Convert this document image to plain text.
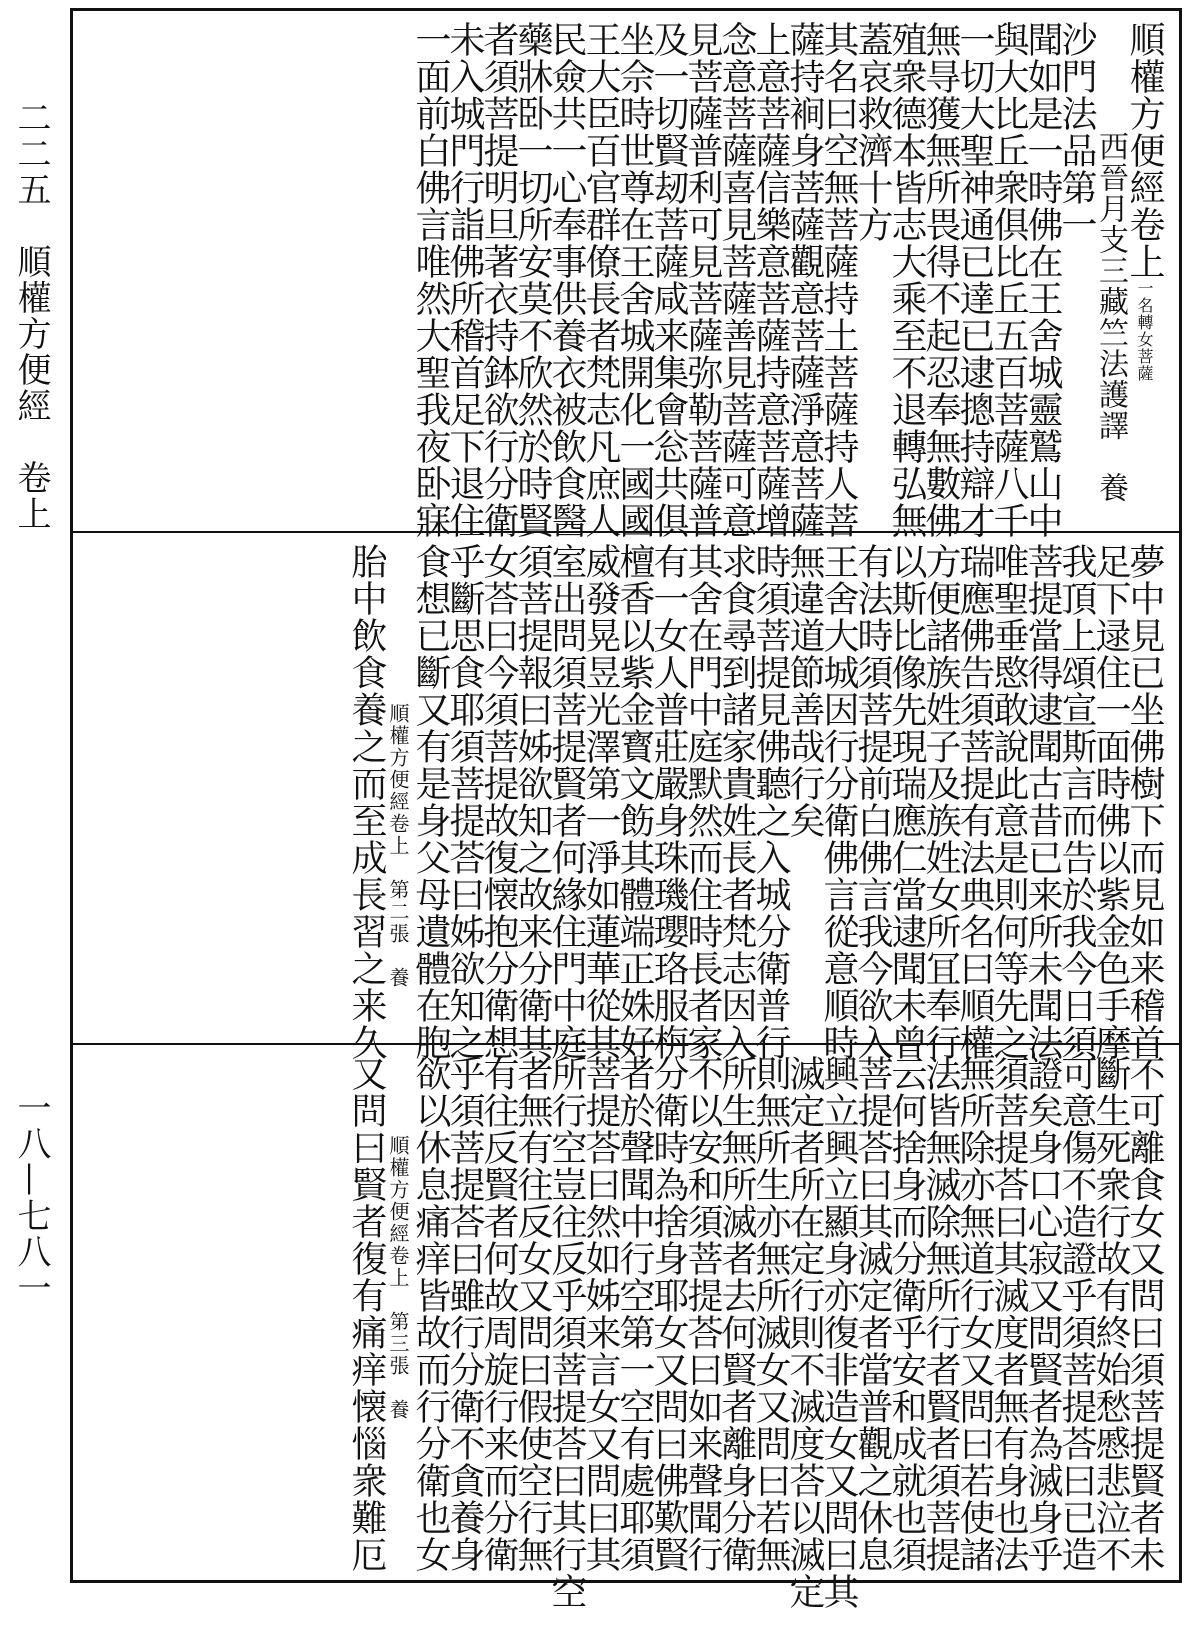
二二五　順權方便經　卷上
一八—七八一
順權方便經卷上一名轉女菩薩
西晉月支三藏竺法護譯　養
沙門法品第一
聞如是一時佛在王舍城靈鷲山中
與大比丘衆俱比丘五百菩薩八千
一切大聖神通已達已逮摠持辯才
無㝵獲無所畏得不起忍奉無數佛
殖衆德本皆志大乘至不退轉弘無
蓋哀救濟十方
其名曰空無菩薩持土菩薩持人菩
薩持裥身菩薩觀意菩薩淨意菩薩
上意菩薩信樂意菩薩持意菩薩增
念意菩薩喜見菩薩善見菩薩可意
見菩薩普利可見菩薩弥勒菩薩普
及一切賢刼菩薩咸来集會忩共俱
坐佘時世尊在王舍城開化一國國
王大臣百官群僚長者梵志凡庶人
民僉共一心奉事供養衣被飲食醫
藥牀卧一切所安莫不欣然於時賢
者須菩提明旦著衣持鉢欲行分衛
未入城門行詣佛所稽首足下退住
一面前白佛言唯然大聖我夜卧寐
夢中見已坐佛樹下而見如来稽首
足下逯住一面時佛以紫金色手摩
我頂上頌宣斯言而告於我今日須
菩提當得逮聞古昔已来所未聞法
唯聖垂愍敢說此意是則何等先之
瑞應佛告須菩提有法典名曰順權
方便諸族姓子及族姓女所冝奉行
以斯比像先現瑞應仁當逮聞未曾
有法時須菩提前白佛言我今欲入
王舍大城因行分衛佛言從意順時
無違道節善哉行矣
時須菩提見佛聽之入城分衛普行
求食尋到諸家貴姓長者梵志因入
其舍在門中庭默然而住時長者家
有一女人普莊嚴身珠璣瓔珞服栴
檀香以紫金寳文飭其體端正姝好
威發晃昱光澤第一淨如蓮華從其
室出問須菩提賢者何緣住門中庭
須菩提報曰姊欲知之故来分衛其
女荅曰今須菩提故復懐抱分衛想
乎斷思食耶須菩提荅曰姊欲知之
食想已斷又有是身父母遺體在胞
順權方便經卷上　第二張　養
胎中飲食養之而至成長習之来久
不可離食女又問曰須菩提賢者未
斷生死衆行故有終始愁慼悲泣不
可意傷不造證乎須菩提荅曰已造
證矣身口心寂又問賢者為滅身乎
須菩提荅曰其滅度者無有身也法
無所除亦無道行女又問曰若使諸
法皆無滅除無所行者賢者須菩提
云何捨身而分衛乎安和成就也須
菩提荅曰其滅定者當普觀之休息
興立興立顯身亦復非造女又問曰其
滅定者所在定行則不滅度荅以滅定
則無所生亦無所滅女又問曰若無
所生無所滅者去何賢者離身分衛
不以安和須菩提荅曰如来聲聞行
分衛時為捨身耶女又問曰佛歎賢
者於聲聞中行空第一空有處耶須
菩提荅曰然如姊来言女又問曰其
所行空豈往反乎須菩提荅曰其行空
者無有往反女又問曰假使空行無
有往反賢者何故周旋行来而分衛
乎須菩提荅曰雖行分衛不貪養身
欲以休息痛痒皆故而行分衛也女
順權方便經卷上　第三張　養
又問曰賢者復有痛痒懐惱衆難厄
